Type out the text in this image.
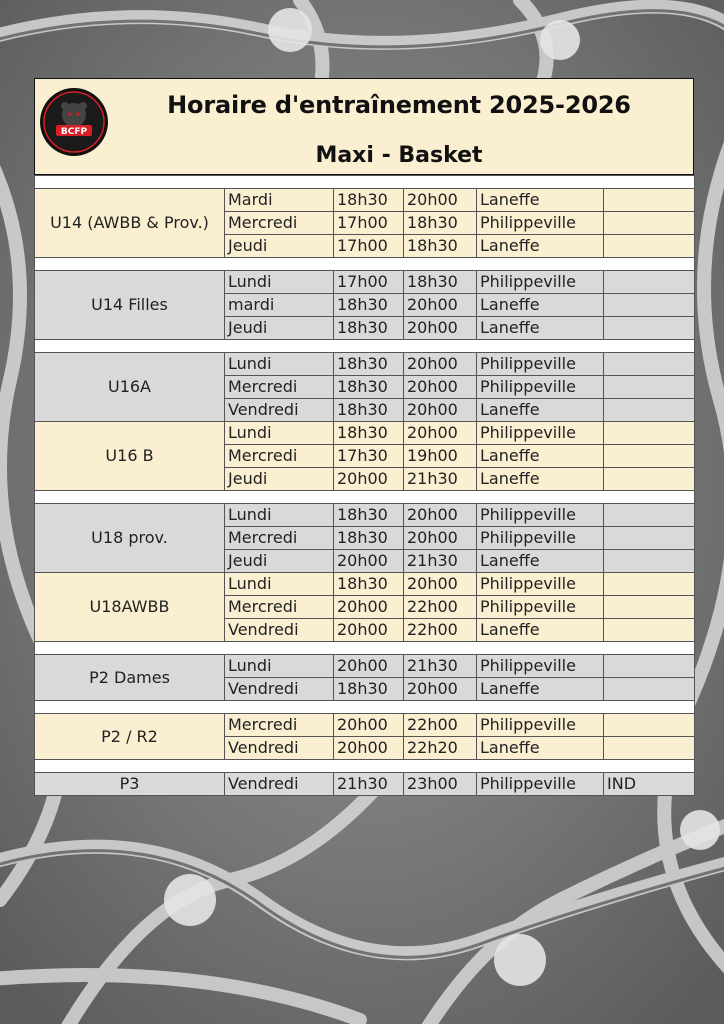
BCFP
Horaire d'entraînement 2025-2026
Maxi - Basket

U14 (AWBB & Prov.)	Mardi	18h30	20h00	Laneffe	
	Mercredi	17h00	18h30	Philippeville	
	Jeudi	17h00	18h30	Laneffe	

U14 Filles	Lundi	17h00	18h30	Philippeville	
	mardi	18h30	20h00	Laneffe	
	Jeudi	18h30	20h00	Laneffe	

U16A	Lundi	18h30	20h00	Philippeville	
	Mercredi	18h30	20h00	Philippeville	
	Vendredi	18h30	20h00	Laneffe	
U16 B	Lundi	18h30	20h00	Philippeville	
	Mercredi	17h30	19h00	Laneffe	
	Jeudi	20h00	21h30	Laneffe	

U18 prov.	Lundi	18h30	20h00	Philippeville	
	Mercredi	18h30	20h00	Philippeville	
	Jeudi	20h00	21h30	Laneffe	
U18AWBB	Lundi	18h30	20h00	Philippeville	
	Mercredi	20h00	22h00	Philippeville	
	Vendredi	20h00	22h00	Laneffe	

P2 Dames	Lundi	20h00	21h30	Philippeville	
	Vendredi	18h30	20h00	Laneffe	

P2 / R2	Mercredi	20h00	22h00	Philippeville	
	Vendredi	20h00	22h20	Laneffe	

P3	Vendredi	21h30	23h00	Philippeville	IND
